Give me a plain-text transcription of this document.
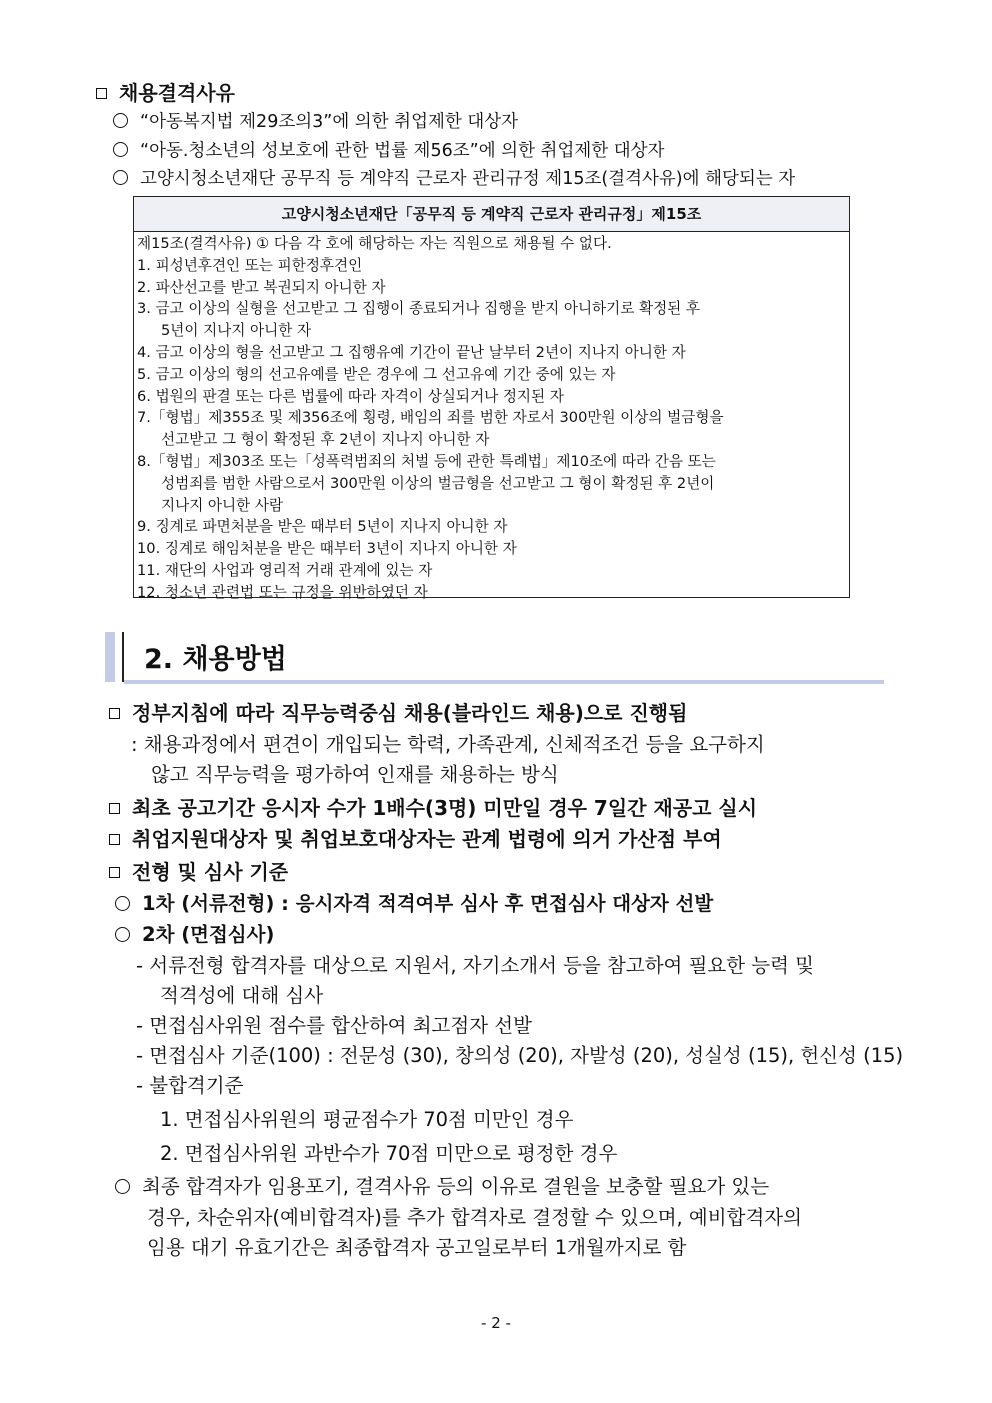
채용결격사유
“아동복지법 제29조의3”에 의한 취업제한 대상자
“아동.청소년의 성보호에 관한 법률 제56조”에 의한 취업제한 대상자
고양시청소년재단 공무직 등 계약직 근로자 관리규정 제15조(결격사유)에 해당되는 자
고양시청소년재단「공무직 등 계약직 근로자 관리규정」제15조
제15조(결격사유) ① 다음 각 호에 해당하는 자는 직원으로 채용될 수 없다.
1. 피성년후견인 또는 피한정후견인
2. 파산선고를 받고 복권되지 아니한 자
3. 금고 이상의 실형을 선고받고 그 집행이 종료되거나 집행을 받지 아니하기로 확정된 후
5년이 지나지 아니한 자
4. 금고 이상의 형을 선고받고 그 집행유예 기간이 끝난 날부터 2년이 지나지 아니한 자
5. 금고 이상의 형의 선고유예를 받은 경우에 그 선고유예 기간 중에 있는 자
6. 법원의 판결 또는 다른 법률에 따라 자격이 상실되거나 정지된 자
7.「형법」제355조 및 제356조에 횡령, 배임의 죄를 범한 자로서 300만원 이상의 벌금형을
선고받고 그 형이 확정된 후 2년이 지나지 아니한 자
8.「형법」제303조 또는「성폭력범죄의 처벌 등에 관한 특례법」제10조에 따라 간음 또는
성범죄를 범한 사람으로서 300만원 이상의 벌금형을 선고받고 그 형이 확정된 후 2년이
지나지 아니한 사람
9. 징계로 파면처분을 받은 때부터 5년이 지나지 아니한 자
10. 징계로 해임처분을 받은 때부터 3년이 지나지 아니한 자
11. 재단의 사업과 영리적 거래 관계에 있는 자
12. 청소년 관련법 또는 규정을 위반하였던 자
2. 채용방법
정부지침에 따라 직무능력중심 채용(블라인드 채용)으로 진행됨
: 채용과정에서 편견이 개입되는 학력, 가족관계, 신체적조건 등을 요구하지
않고 직무능력을 평가하여 인재를 채용하는 방식
최초 공고기간 응시자 수가 1배수(3명) 미만일 경우 7일간 재공고 실시
취업지원대상자 및 취업보호대상자는 관계 법령에 의거 가산점 부여
전형 및 심사 기준
1차 (서류전형) : 응시자격 적격여부 심사 후 면접심사 대상자 선발
2차 (면접심사)
- 서류전형 합격자를 대상으로 지원서, 자기소개서 등을 참고하여 필요한 능력 및
적격성에 대해 심사
- 면접심사위원 점수를 합산하여 최고점자 선발
- 면접심사 기준(100) : 전문성 (30), 창의성 (20), 자발성 (20), 성실성 (15), 헌신성 (15)
- 불합격기준
1. 면접심사위원의 평균점수가 70점 미만인 경우
2. 면접심사위원 과반수가 70점 미만으로 평정한 경우
최종 합격자가 임용포기, 결격사유 등의 이유로 결원을 보충할 필요가 있는
경우, 차순위자(예비합격자)를 추가 합격자로 결정할 수 있으며, 예비합격자의
임용 대기 유효기간은 최종합격자 공고일로부터 1개월까지로 함
- 2 -
